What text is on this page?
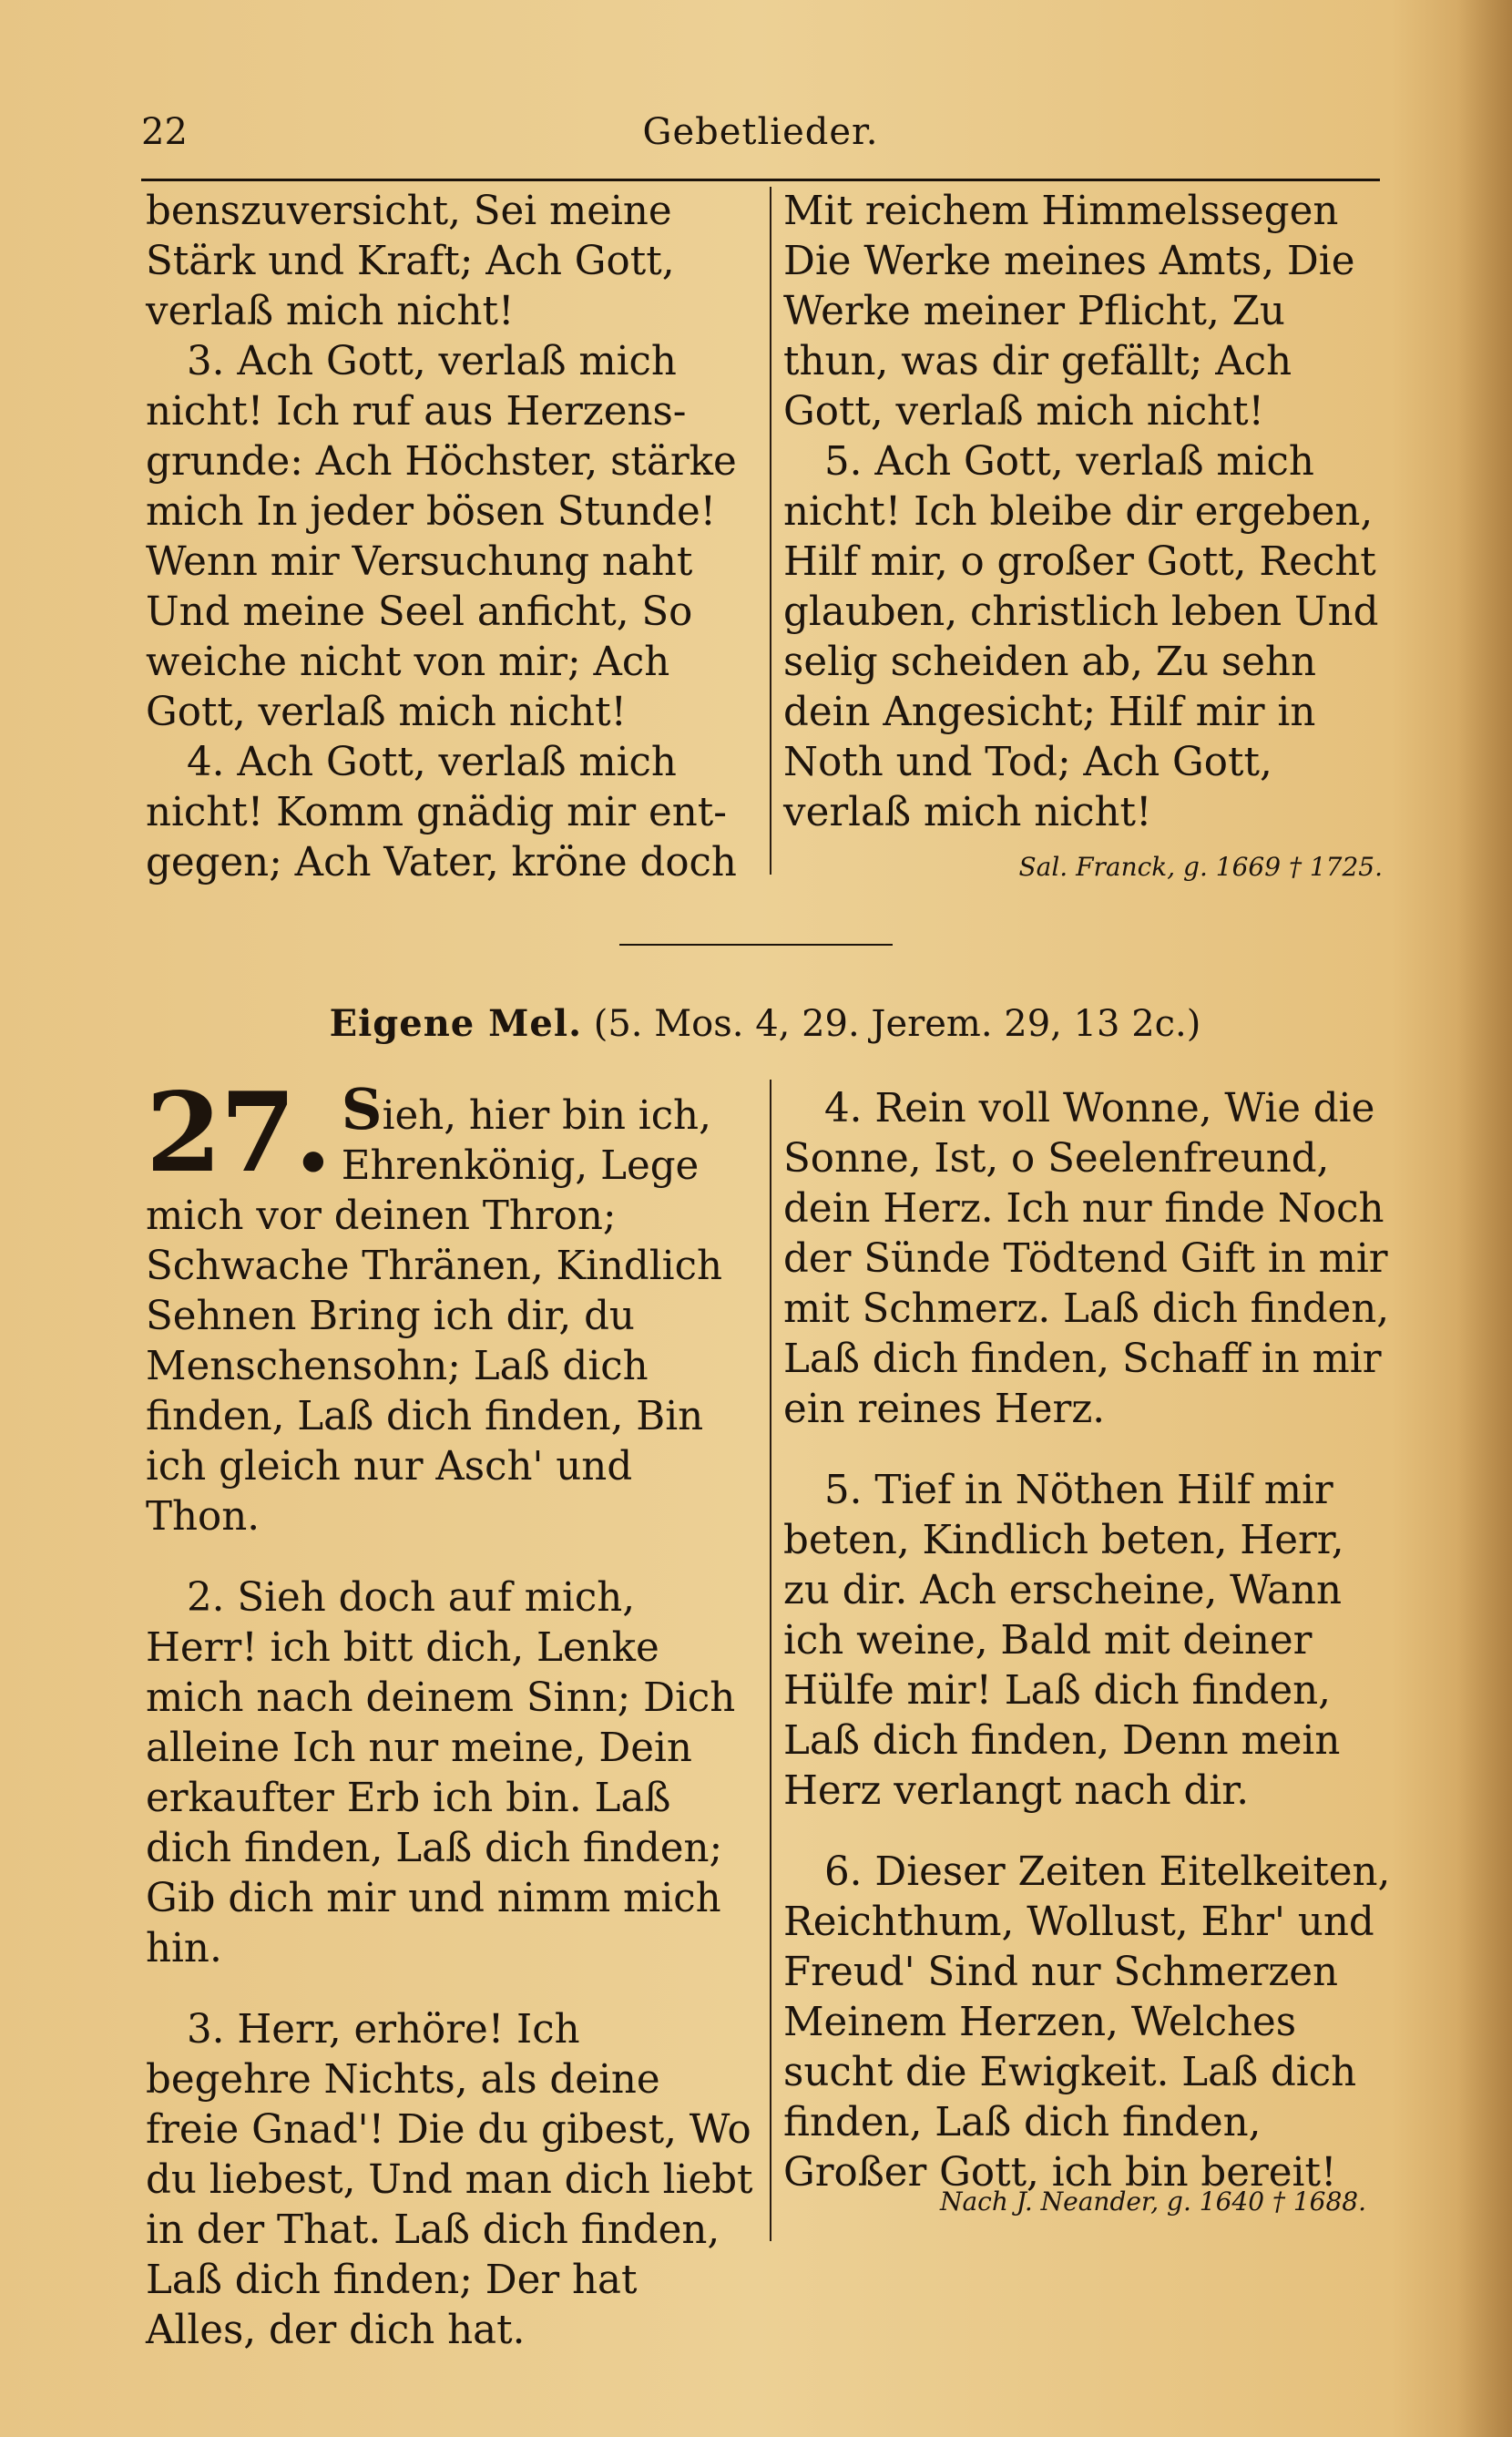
22	Gebetlieder.

benszuversicht, Sei meine Stärk und Kraft; Ach Gott, verlaß mich nicht!

3. Ach Gott, verlaß mich nicht! Ich ruf aus Herzensgrunde: Ach Höchster, stärke mich In jeder bösen Stunde! Wenn mir Versuchung naht Und meine Seel anficht, So weiche nicht von mir; Ach Gott, verlaß mich nicht!

4. Ach Gott, verlaß mich nicht! Komm gnädig mir entgegen; Ach Vater, kröne doch

Mit reichem Himmelssegen Die Werke meines Amts, Die Werke meiner Pflicht, Zu thun, was dir gefällt; Ach Gott, verlaß mich nicht!

5. Ach Gott, verlaß mich nicht! Ich bleibe dir ergeben, Hilf mir, o großer Gott, Recht glauben, christlich leben Und selig scheiden ab, Zu sehn dein Angesicht; Hilf mir in Noth und Tod; Ach Gott, verlaß mich nicht!

Sal. Franck, g. 1669 † 1725.

Eigene Mel. (5. Mos. 4, 29. Jerem. 29, 13 2c.)

27. Sieh, hier bin ich, Ehrenkönig, Lege mich vor deinen Thron; Schwache Thränen, Kindlich Sehnen Bring ich dir, du Menschensohn; Laß dich finden, Laß dich finden, Bin ich gleich nur Asch' und Thon.

2. Sieh doch auf mich, Herr! ich bitt dich, Lenke mich nach deinem Sinn; Dich alleine Ich nur meine, Dein erkaufter Erb ich bin. Laß dich finden, Laß dich finden; Gib dich mir und nimm mich hin.

3. Herr, erhöre! Ich begehre Nichts, als deine freie Gnad'! Die du gibest, Wo du liebest, Und man dich liebt in der That. Laß dich finden, Laß dich finden; Der hat Alles, der dich hat.

4. Rein voll Wonne, Wie die Sonne, Ist, o Seelenfreund, dein Herz. Ich nur finde Noch der Sünde Tödtend Gift in mir mit Schmerz. Laß dich finden, Laß dich finden, Schaff in mir ein reines Herz.

5. Tief in Nöthen Hilf mir beten, Kindlich beten, Herr, zu dir. Ach erscheine, Wann ich weine, Bald mit deiner Hülfe mir! Laß dich finden, Laß dich finden, Denn mein Herz verlangt nach dir.

6. Dieser Zeiten Eitelkeiten, Reichthum, Wollust, Ehr' und Freud' Sind nur Schmerzen Meinem Herzen, Welches sucht die Ewigkeit. Laß dich finden, Laß dich finden, Großer Gott, ich bin bereit!

Nach J. Neander, g. 1640 † 1688.
